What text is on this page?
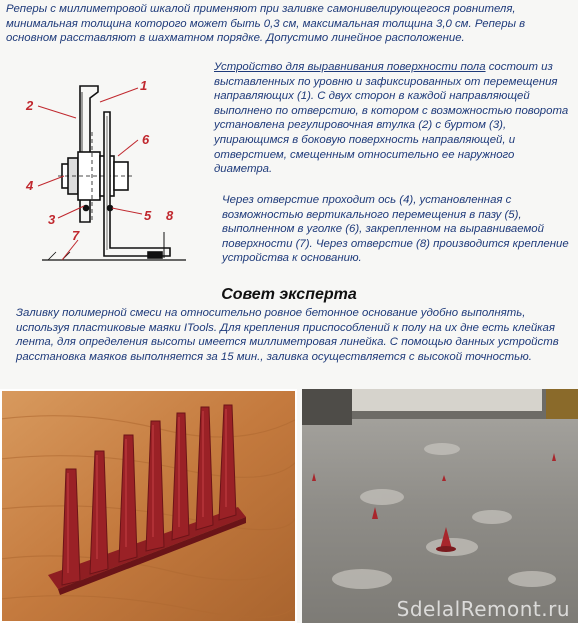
Реперы с миллиметровой шкалой применяют при заливке самонивелирующегося ровнителя, минимальная толщина которого может быть 0,3 см, максимальная толщина 3,0 см. Реперы в основном расставляют в шахматном порядке. Допустимо линейное расположение.

1
2
6
4
3	5 8
7

Устройство для выравнивания поверхности пола состоит из выставленных по уровню и зафиксированных от перемещения направляющих (1). С двух сторон в каждой направляющей выполнено по отверстию, в котором с возможностью поворота установлена регулировочная втулка (2) с буртом (3), упирающимся в боковую поверхность направляющей, и отверстием, смещенным относительно ее наружного диаметра.

Через отверстие проходит ось (4), установленная с возможностью вертикального перемещения в пазу (5), выполненном в уголке (6), закрепленном на выравниваемой поверхности (7). Через отверстие (8) производится крепление устройства к основанию.

Совет эксперта

Заливку полимерной смеси на относительно ровное бетонное основание удобно выполнять, используя пластиковые маяки ITools. Для крепления приспособлений к полу на их дне есть клейкая лента, для определения высоты имеется миллиметровая линейка. С помощью данных устройств расстановка маяков выполняется за 15 мин., заливка осуществляется с высокой точностью.

SdelalRemont.ru
